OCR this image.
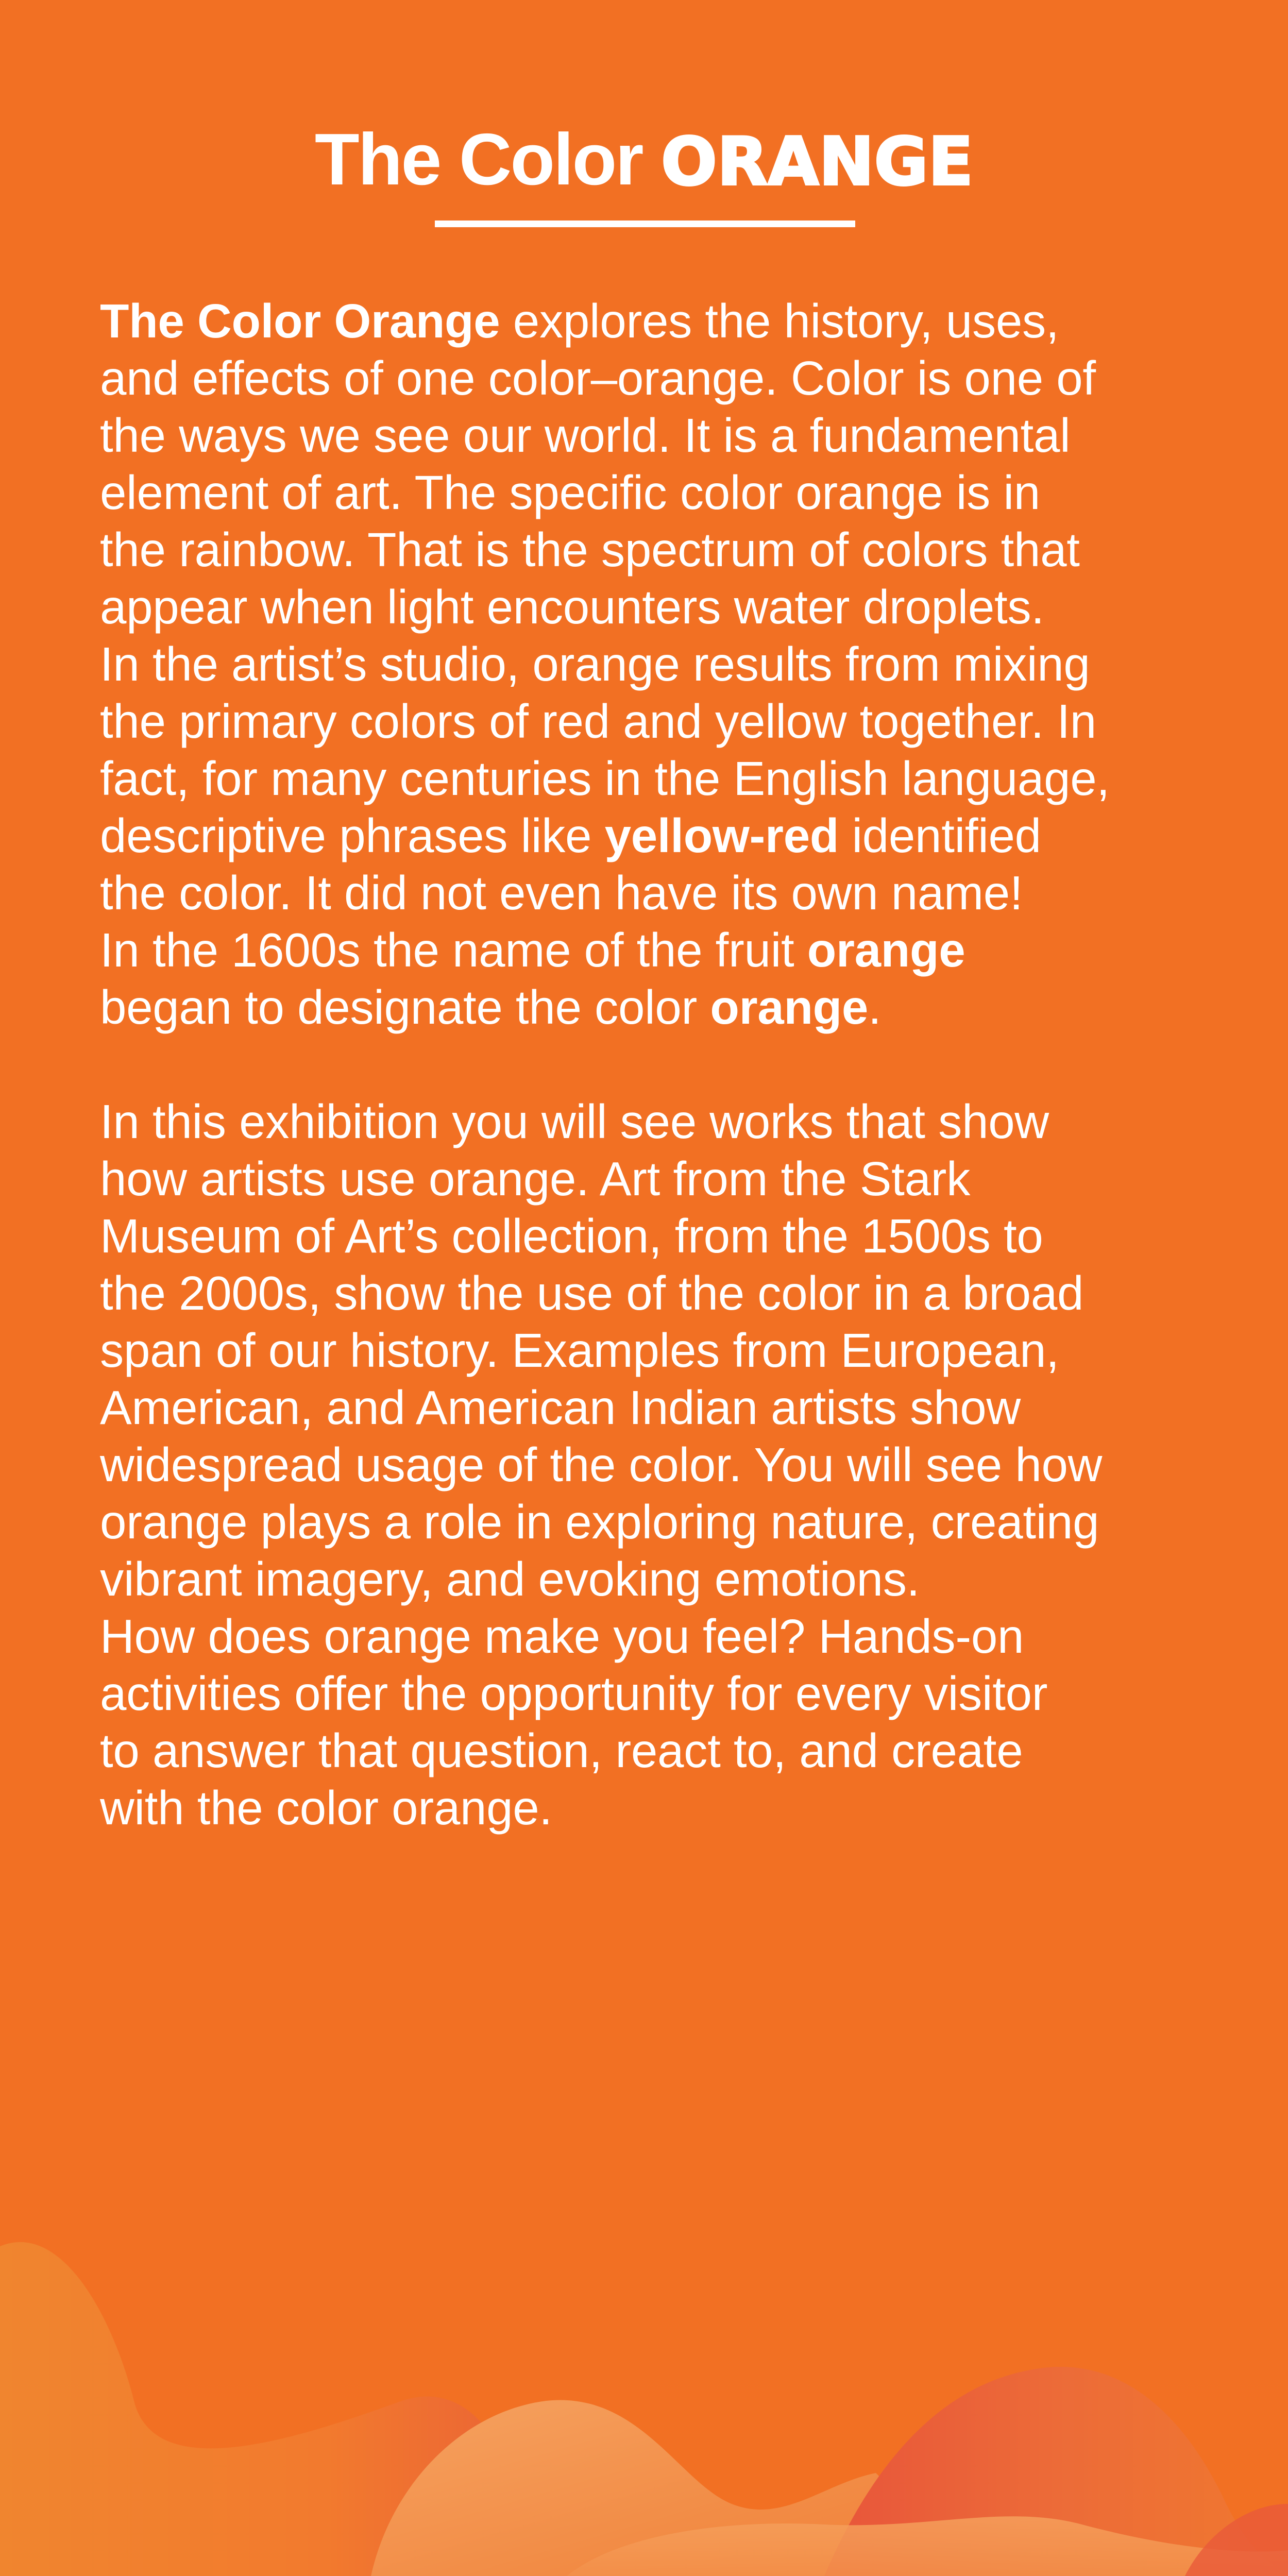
The Color ORANGE

The Color Orange explores the history, uses,
and effects of one color–orange. Color is one of
the ways we see our world. It is a fundamental
element of art. The specific color orange is in
the rainbow. That is the spectrum of colors that
appear when light encounters water droplets.
In the artist’s studio, orange results from mixing
the primary colors of red and yellow together. In
fact, for many centuries in the English language,
descriptive phrases like yellow-red identified
the color. It did not even have its own name!
In the 1600s the name of the fruit orange
began to designate the color orange.

In this exhibition you will see works that show
how artists use orange. Art from the Stark
Museum of Art’s collection, from the 1500s to
the 2000s, show the use of the color in a broad
span of our history. Examples from European,
American, and American Indian artists show
widespread usage of the color. You will see how
orange plays a role in exploring nature, creating
vibrant imagery, and evoking emotions.
How does orange make you feel? Hands-on
activities offer the opportunity for every visitor
to answer that question, react to, and create
with the color orange.
